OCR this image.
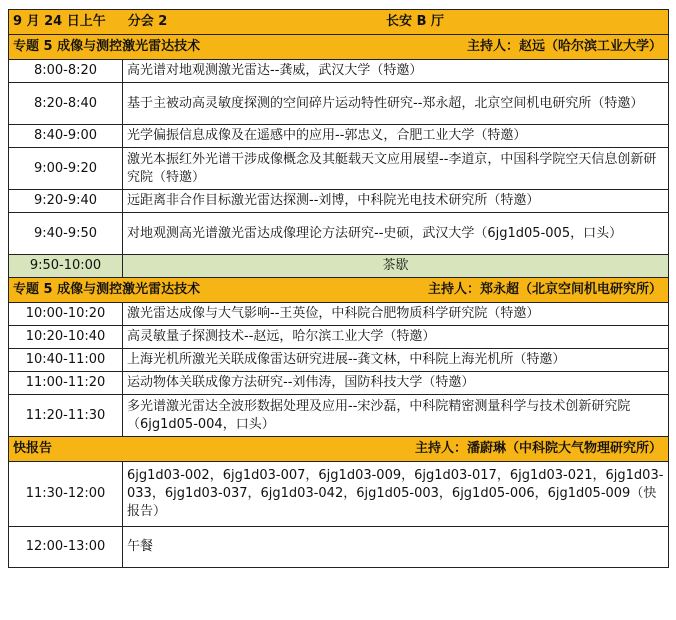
9 月 24 日上午 分会 2 长安 B 厅	

专题 5 成像与测控激光雷达技术 主持人：赵远（哈尔滨工业大学）	

8:00-8:20	高光谱对地观测激光雷达--龚威，武汉大学（特邀）
8:20-8:40	基于主被动高灵敏度探测的空间碎片运动特性研究--郑永超，北京空间机电研究所（特邀）
8:40-9:00	光学偏振信息成像及在遥感中的应用--郭忠义，合肥工业大学（特邀）
9:00-9:20	激光本振红外光谱干涉成像概念及其艇载天文应用展望--李道京，中国科学院空天信息创新研究院（特邀）
9:20-9:40	远距离非合作目标激光雷达探测--刘博，中科院光电技术研究所（特邀）
9:40-9:50	对地观测高光谱激光雷达成像理论方法研究--史硕，武汉大学（6jg1d05-005，口头）
9:50-10:00	茶歇

专题 5 成像与测控激光雷达技术 主持人：郑永超（北京空间机电研究所）	

10:00-10:20	激光雷达成像与大气影响--王英俭，中科院合肥物质科学研究院（特邀）
10:20-10:40	高灵敏量子探测技术--赵远，哈尔滨工业大学（特邀）
10:40-11:00	上海光机所激光关联成像雷达研究进展--龚文林，中科院上海光机所（特邀）
11:00-11:20	运动物体关联成像方法研究--刘伟涛，国防科技大学（特邀）
11:20-11:30	多光谱激光雷达全波形数据处理及应用--宋沙磊，中科院精密测量科学与技术创新研究院（6jg1d05-004，口头）

快报告 主持人：潘蔚琳（中科院大气物理研究所）	

11:30-12:00	6jg1d03-002，6jg1d03-007，6jg1d03-009，6jg1d03-017，6jg1d03-021，6jg1d03-033，6jg1d03-037，6jg1d03-042，6jg1d05-003，6jg1d05-006，6jg1d05-009（快报告）
12:00-13:00	午餐
